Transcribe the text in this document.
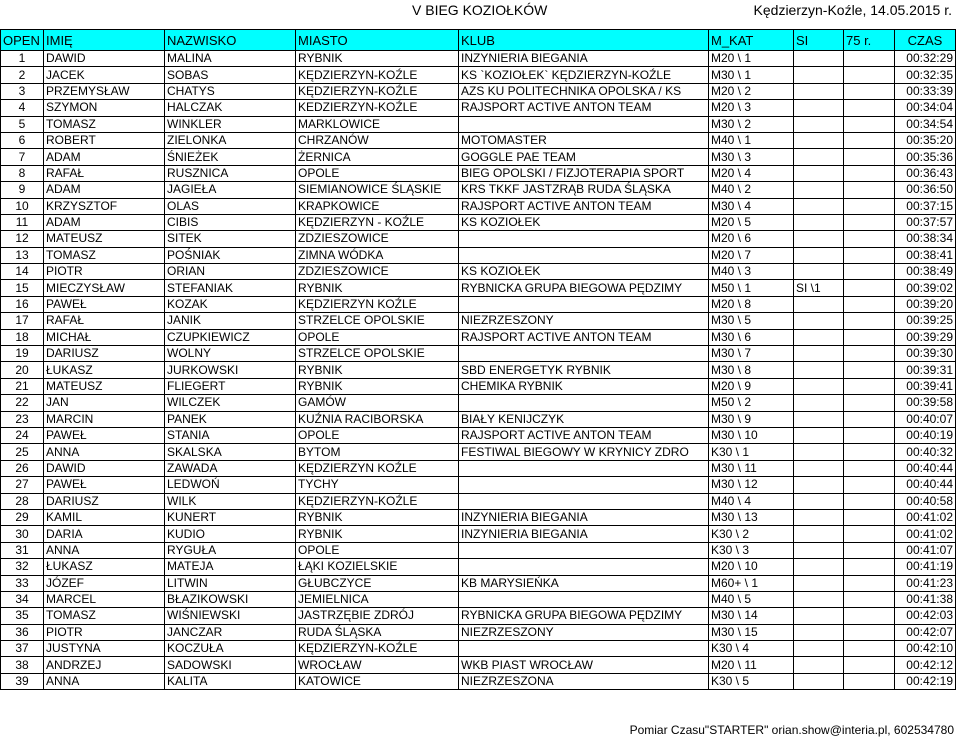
V BIEG KOZIOŁKÓW	Kędzierzyn-Koźle, 14.05.2015 r.
OPEN	IMIĘ	NAZWISKO	MIASTO	KLUB	M_KAT	SI	75 r.	CZAS
1	DAWID	MALINA	RYBNIK	INZYNIERIA BIEGANIA	M20 \ 1			00:32:29
2	JACEK	SOBAS	KĘDZIERZYN-KOŹLE	KS `KOZIOŁEK` KĘDZIERZYN-KOŹLE	M30 \ 1			00:32:35
3	PRZEMYSŁAW	CHATYS	KĘDZIERZYN-KOŹLE	AZS KU POLITECHNIKA OPOLSKA / KS	M20 \ 2			00:33:39
4	SZYMON	HALCZAK	KEDZIERZYN-KOŹLE	RAJSPORT ACTIVE ANTON TEAM	M20 \ 3			00:34:04
5	TOMASZ	WINKLER	MARKLOWICE		M30 \ 2			00:34:54
6	ROBERT	ZIELONKA	CHRZANÓW	MOTOMASTER	M40 \ 1			00:35:20
7	ADAM	ŚNIEŻEK	ŻERNICA	GOGGLE PAE TEAM	M30 \ 3			00:35:36
8	RAFAŁ	RUSZNICA	OPOLE	BIEG OPOLSKI / FIZJOTERAPIA SPORT	M20 \ 4			00:36:43
9	ADAM	JAGIEŁA	SIEMIANOWICE ŚLĄSKIE	KRS TKKF JASTZRĄB RUDA ŚLĄSKA	M40 \ 2			00:36:50
10	KRZYSZTOF	OLAS	KRAPKOWICE	RAJSPORT ACTIVE ANTON TEAM	M30 \ 4			00:37:15
11	ADAM	CIBIS	KĘDZIERZYN - KOŹLE	KS KOZIOŁEK	M20 \ 5			00:37:57
12	MATEUSZ	SITEK	ZDZIESZOWICE		M20 \ 6			00:38:34
13	TOMASZ	POŚNIAK	ZIMNA WÓDKA		M20 \ 7			00:38:41
14	PIOTR	ORIAN	ZDZIESZOWICE	KS KOZIOŁEK	M40 \ 3			00:38:49
15	MIECZYSŁAW	STEFANIAK	RYBNIK	RYBNICKA GRUPA BIEGOWA PĘDZIMY	M50 \ 1	SI \1		00:39:02
16	PAWEŁ	KOZAK	KĘDZIERZYN KOŹLE		M20 \ 8			00:39:20
17	RAFAŁ	JANIK	STRZELCE OPOLSKIE	NIEZRZESZONY	M30 \ 5			00:39:25
18	MICHAŁ	CZUPKIEWICZ	OPOLE	RAJSPORT ACTIVE ANTON TEAM	M30 \ 6			00:39:29
19	DARIUSZ	WOLNY	STRZELCE OPOLSKIE		M30 \ 7			00:39:30
20	ŁUKASZ	JURKOWSKI	RYBNIK	SBD ENERGETYK RYBNIK	M30 \ 8			00:39:31
21	MATEUSZ	FLIEGERT	RYBNIK	CHEMIKA RYBNIK	M20 \ 9			00:39:41
22	JAN	WILCZEK	GAMÓW		M50 \ 2			00:39:58
23	MARCIN	PANEK	KUŹNIA RACIBORSKA	BIAŁY KENIJCZYK	M30 \ 9			00:40:07
24	PAWEŁ	STANIA	OPOLE	RAJSPORT ACTIVE ANTON TEAM	M30 \ 10			00:40:19
25	ANNA	SKALSKA	BYTOM	FESTIWAL BIEGOWY W KRYNICY ZDRO	K30 \ 1			00:40:32
26	DAWID	ZAWADA	KĘDZIERZYN KOŹLE		M30 \ 11			00:40:44
27	PAWEŁ	LEDWOŃ	TYCHY		M30 \ 12			00:40:44
28	DARIUSZ	WILK	KĘDZIERZYN-KOŹLE		M40 \ 4			00:40:58
29	KAMIL	KUNERT	RYBNIK	INZYNIERIA BIEGANIA	M30 \ 13			00:41:02
30	DARIA	KUDIO	RYBNIK	INZYNIERIA BIEGANIA	K30 \ 2			00:41:02
31	ANNA	RYGUŁA	OPOLE		K30 \ 3			00:41:07
32	ŁUKASZ	MATEJA	ŁĄKI KOZIELSKIE		M20 \ 10			00:41:19
33	JÓZEF	LITWIN	GŁUBCZYCE	KB MARYSIEŃKA	M60+ \ 1			00:41:23
34	MARCEL	BŁAZIKOWSKI	JEMIELNICA		M40 \ 5			00:41:38
35	TOMASZ	WIŚNIEWSKI	JASTRZĘBIE ZDRÓJ	RYBNICKA GRUPA BIEGOWA PĘDZIMY	M30 \ 14			00:42:03
36	PIOTR	JANCZAR	RUDA ŚLĄSKA	NIEZRZESZONY	M30 \ 15			00:42:07
37	JUSTYNA	KOCZUŁA	KĘDZIERZYN-KOŹLE		K30 \ 4			00:42:10
38	ANDRZEJ	SADOWSKI	WROCŁAW	WKB PIAST WROCŁAW	M20 \ 11			00:42:12
39	ANNA	KALITA	KATOWICE	NIEZRZESZONA	K30 \ 5			00:42:19
Pomiar Czasu"STARTER" orian.show@interia.pl, 602534780
